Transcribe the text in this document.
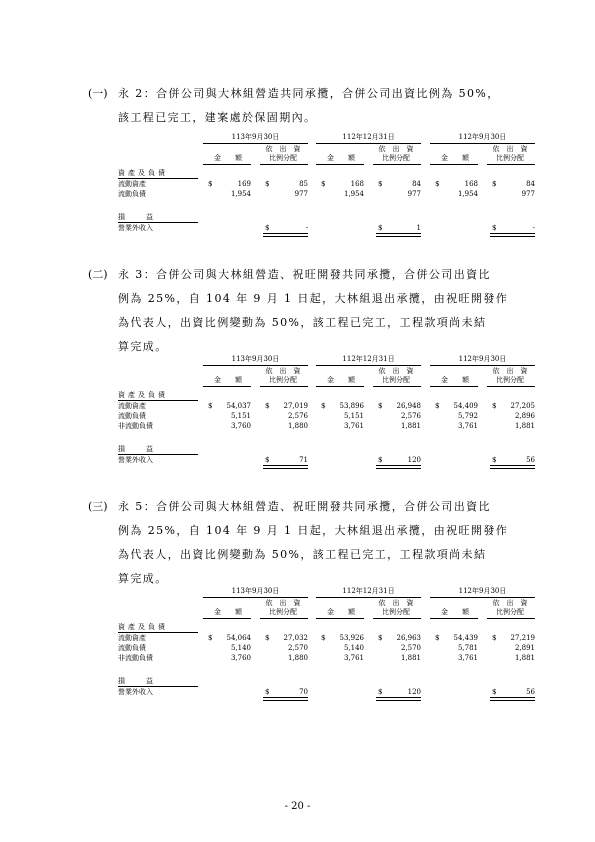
(一) 永 2：合併公司與大林組營造共同承攬，合併公司出資比例為 50%，
該工程已完工，建案處於保固期內。
113年9月30日
依　出　資
金　　額	比例分配
112年12月31日
依　出　資
金　　額	比例分配
112年9月30日
依　出　資
金　　額	比例分配
資產及負債
流動資產	$	169 $	85 $	168 $	84 $	168 $	84
流動負債	1,954	977	1,954	977	1,954	977
損　　　益
營業外收入	$	-	$	1	$	-
(二) 永 3：合併公司與大林組營造、祝旺開發共同承攬，合併公司出資比
例為 25%，自 104 年 9 月 1 日起，大林組退出承攬，由祝旺開發作
為代表人，出資比例變動為 50%，該工程已完工，工程款項尚未結
算完成。
113年9月30日
依　出　資
金　　額	比例分配
112年12月31日
依　出　資
金　　額	比例分配
112年9月30日
依　出　資
金　　額	比例分配
資產及負債
流動資產	$	54,037 $	27,019 $	53,896 $	26,948 $	54,409 $	27,205
流動負債	5,151	2,576	5,151	2,576	5,792	2,896
非流動負債	3,760	1,880	3,761	1,881	3,761	1,881
損　　　益
營業外收入	$	71	$	120	$	56
(三) 永 5：合併公司與大林組營造、祝旺開發共同承攬，合併公司出資比
例為 25%，自 104 年 9 月 1 日起，大林組退出承攬，由祝旺開發作
為代表人，出資比例變動為 50%，該工程已完工，工程款項尚未結
算完成。
113年9月30日
依　出　資
金　　額	比例分配
112年12月31日
依　出　資
金　　額	比例分配
112年9月30日
依　出　資
金　　額	比例分配
資產及負債
流動資產	$	54,064 $	27,032 $	53,926 $	26,963 $	54,439 $	27,219
流動負債	5,140	2,570	5,140	2,570	5,781	2,891
非流動負債	3,760	1,880	3,761	1,881	3,761	1,881
損　　　益
營業外收入	$	70	$	120	$	56
- 20 -
